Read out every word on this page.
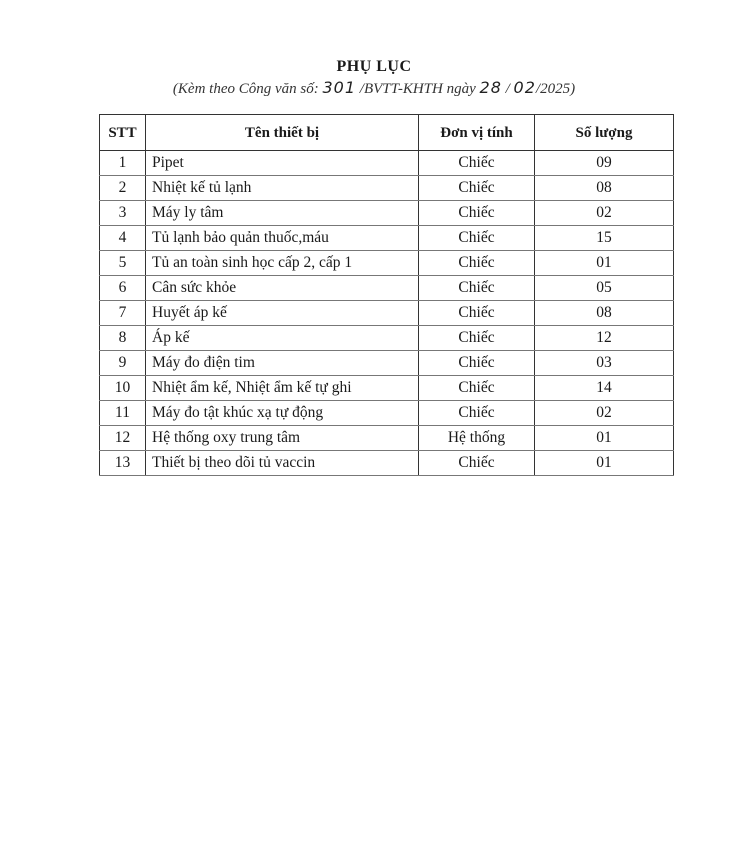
PHỤ LỤC
(Kèm theo Công văn số: 301 /BVTT-KHTH ngày 28 / 02/2025)
STT	Tên thiết bị	Đơn vị tính	Số lượng
1	Pipet	Chiếc	09
2	Nhiệt kế tủ lạnh	Chiếc	08
3	Máy ly tâm	Chiếc	02
4	Tủ lạnh bảo quản thuốc,máu	Chiếc	15
5	Tủ an toàn sinh học cấp 2, cấp 1	Chiếc	01
6	Cân sức khỏe	Chiếc	05
7	Huyết áp kế	Chiếc	08
8	Áp kế	Chiếc	12
9	Máy đo điện tim	Chiếc	03
10	Nhiệt ẩm kế, Nhiệt ẩm kế tự ghi	Chiếc	14
11	Máy đo tật khúc xạ tự động	Chiếc	02
12	Hệ thống oxy trung tâm	Hệ thống	01
13	Thiết bị theo dõi tủ vaccin	Chiếc	01
